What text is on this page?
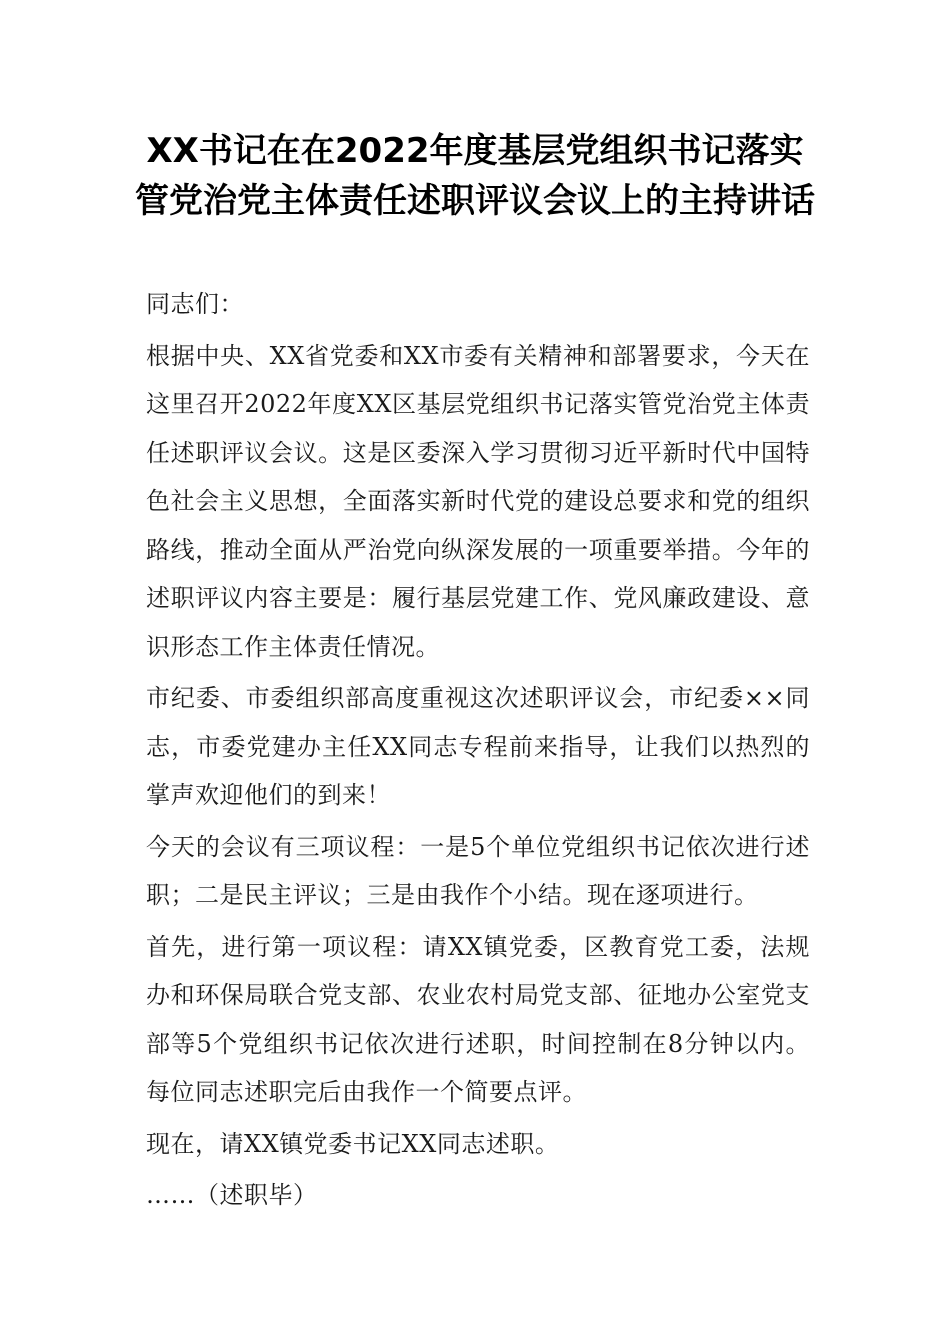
XX书记在在2022年度基层党组织书记落实管党治党主体责任述职评议会议上的主持讲话

同志们：

根据中央、XX省党委和XX市委有关精神和部署要求，今天在这里召开2022年度XX区基层党组织书记落实管党治党主体责任述职评议会议。这是区委深入学习贯彻习近平新时代中国特色社会主义思想，全面落实新时代党的建设总要求和党的组织路线，推动全面从严治党向纵深发展的一项重要举措。今年的述职评议内容主要是：履行基层党建工作、党风廉政建设、意识形态工作主体责任情况。

市纪委、市委组织部高度重视这次述职评议会，市纪委××同志，市委党建办主任XX同志专程前来指导，让我们以热烈的掌声欢迎他们的到来！

今天的会议有三项议程：一是5个单位党组织书记依次进行述职；二是民主评议；三是由我作个小结。现在逐项进行。

首先，进行第一项议程：请XX镇党委，区教育党工委，法规办和环保局联合党支部、农业农村局党支部、征地办公室党支部等5个党组织书记依次进行述职，时间控制在8分钟以内。每位同志述职完后由我作一个简要点评。

现在，请XX镇党委书记XX同志述职。

……（述职毕）
